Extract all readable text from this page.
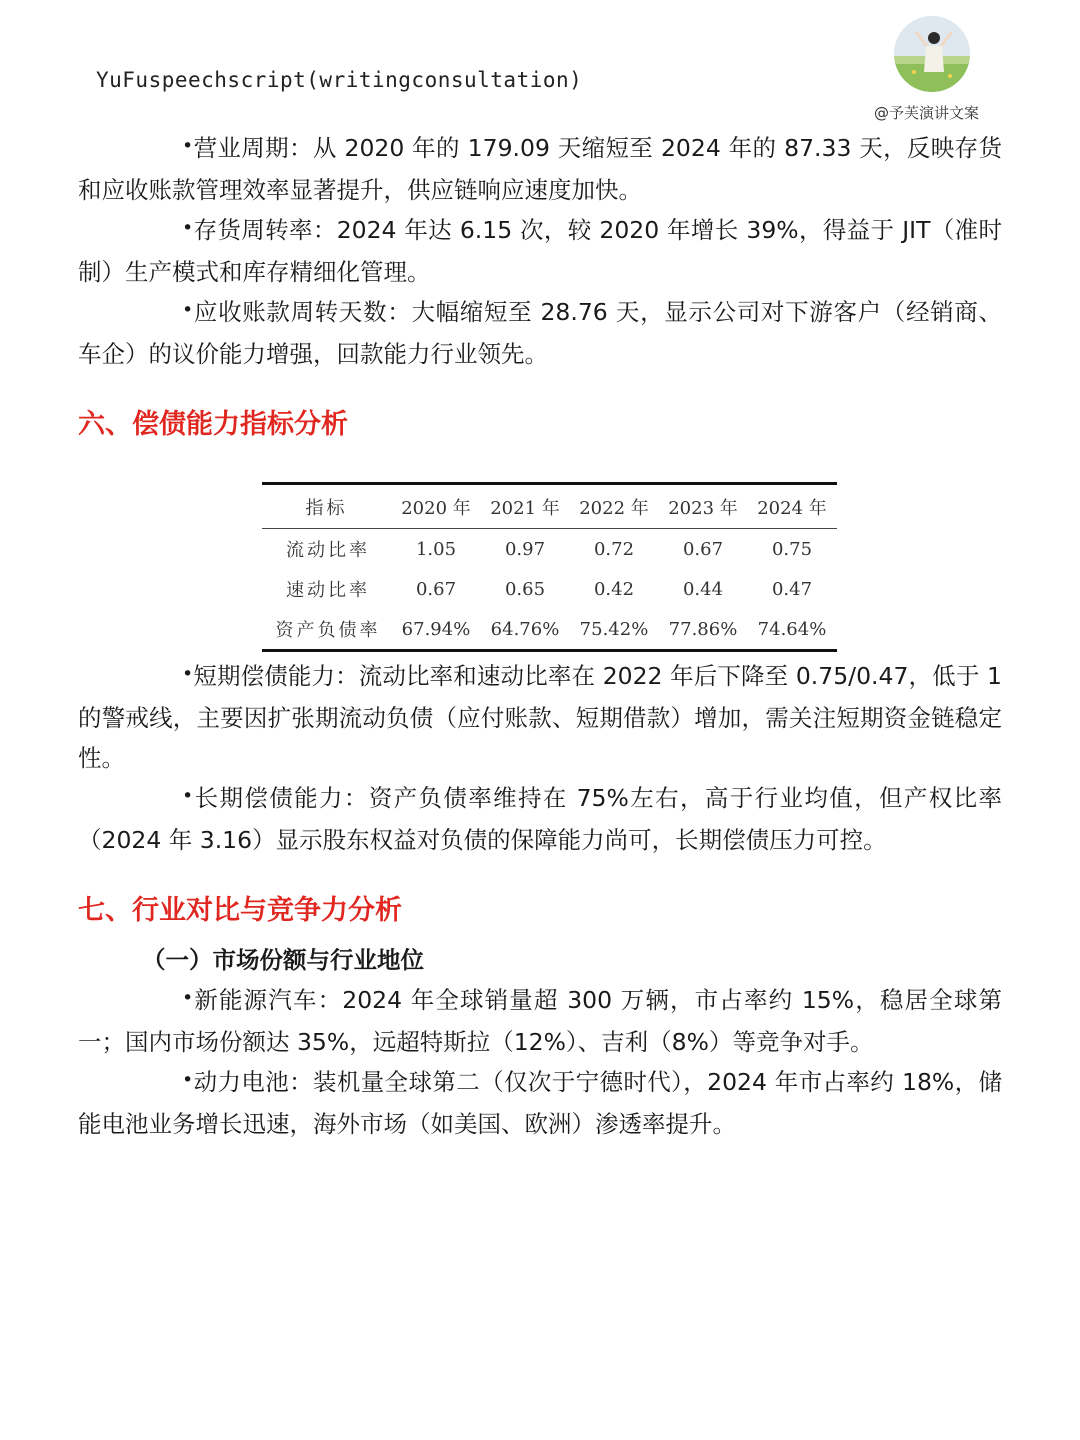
YuFuspeechscript(writingconsultation)

@予芙演讲文案

•营业周期：从 2020 年的 179.09 天缩短至 2024 年的 87.33 天，反映存货和应收账款管理效率显著提升，供应链响应速度加快。

•存货周转率：2024 年达 6.15 次，较 2020 年增长 39%，得益于 JIT（准时制）生产模式和库存精细化管理。

•应收账款周转天数：大幅缩短至 28.76 天，显示公司对下游客户（经销商、车企）的议价能力增强，回款能力行业领先。

六、偿债能力指标分析
指标	2020 年	2021 年	2022 年	2023 年	2024 年
流动比率	1.05	0.97	0.72	0.67	0.75
速动比率	0.67	0.65	0.42	0.44	0.47
资产负债率	67.94%	64.76%	75.42%	77.86%	74.64%

•短期偿债能力：流动比率和速动比率在 2022 年后下降至 0.75/0.47，低于 1 的警戒线，主要因扩张期流动负债（应付账款、短期借款）增加，需关注短期资金链稳定性。

•长期偿债能力：资产负债率维持在 75%左右，高于行业均值，但产权比率（2024 年 3.16）显示股东权益对负债的保障能力尚可，长期偿债压力可控。

七、行业对比与竞争力分析
（一）市场份额与行业地位

•新能源汽车：2024 年全球销量超 300 万辆，市占率约 15%，稳居全球第一；国内市场份额达 35%，远超特斯拉（12%）、吉利（8%）等竞争对手。

•动力电池：装机量全球第二（仅次于宁德时代），2024 年市占率约 18%，储能电池业务增长迅速，海外市场（如美国、欧洲）渗透率提升。
